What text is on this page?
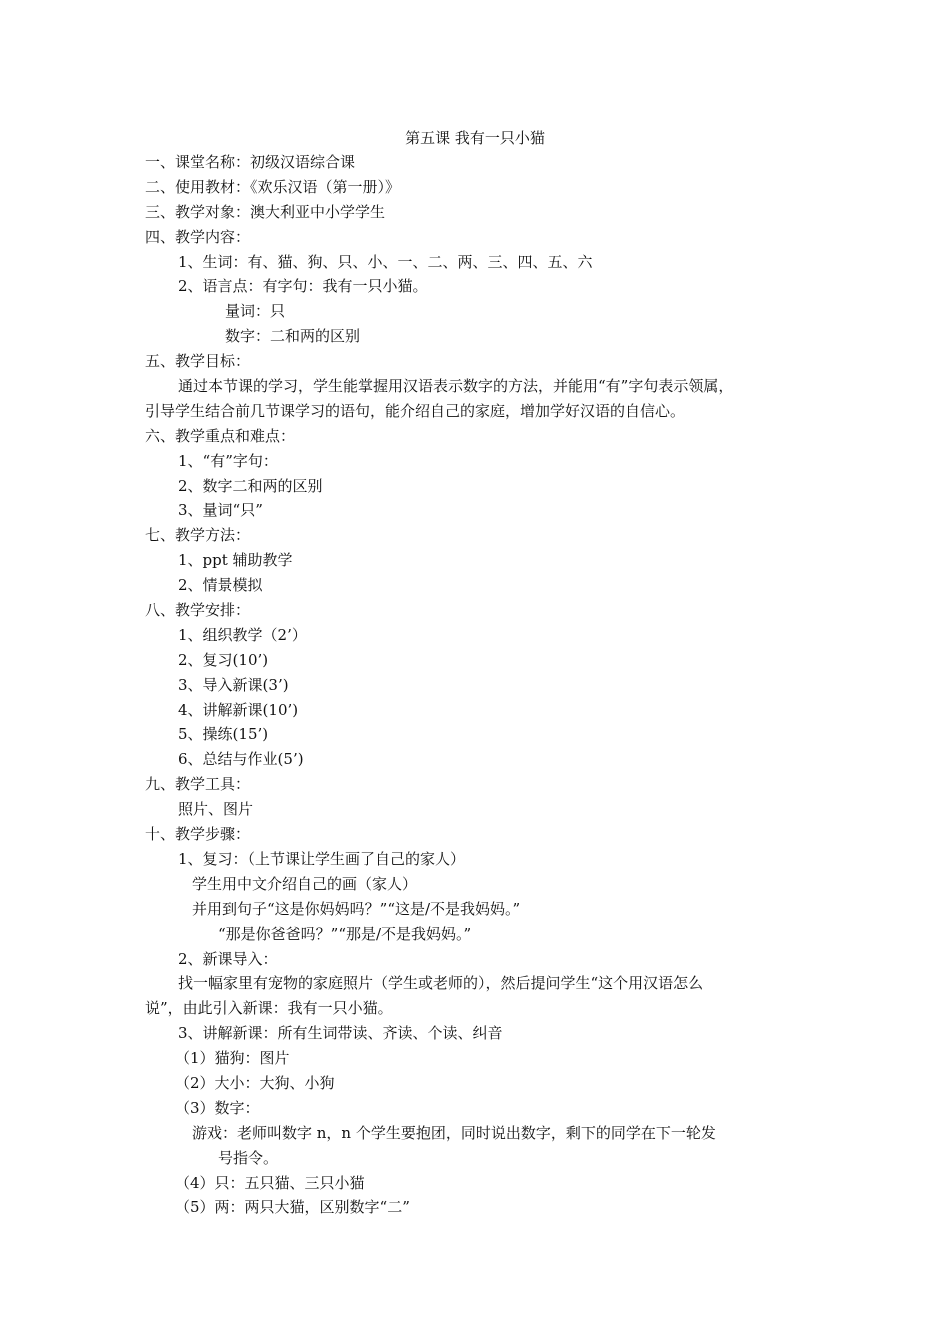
第五课 我有一只小猫
一、课堂名称：初级汉语综合课
二、使用教材：《欢乐汉语（第一册）》
三、教学对象：澳大利亚中小学学生
四、教学内容：
1、生词：有、猫、狗、只、小、一、二、两、三、四、五、六
2、语言点：有字句：我有一只小猫。
量词：只
数字：二和两的区别
五、教学目标：
通过本节课的学习，学生能掌握用汉语表示数字的方法，并能用“有”字句表示领属，
引导学生结合前几节课学习的语句，能介绍自己的家庭，增加学好汉语的自信心。
六、教学重点和难点：
1、“有”字句：
2、数字二和两的区别
3、量词“只”
七、教学方法：
1、ppt 辅助教学
2、情景模拟
八、教学安排：
1、组织教学（2’）
2、复习(10’)
3、导入新课(3’)
4、讲解新课(10’)
5、操练(15’)
6、总结与作业(5’)
九、教学工具：
照片、图片
十、教学步骤：
1、复习：（上节课让学生画了自己的家人）
学生用中文介绍自己的画（家人）
并用到句子“这是你妈妈吗？”“这是/不是我妈妈。”
“那是你爸爸吗？”“那是/不是我妈妈。”
2、新课导入：
找一幅家里有宠物的家庭照片（学生或老师的），然后提问学生“这个用汉语怎么
说”，由此引入新课：我有一只小猫。
3、讲解新课：所有生词带读、齐读、个读、纠音
（1）猫狗：图片
（2）大小：大狗、小狗
（3）数字：
游戏：老师叫数字 n，n 个学生要抱团，同时说出数字，剩下的同学在下一轮发
号指令。
（4）只：五只猫、三只小猫
（5）两：两只大猫，区别数字“二”
